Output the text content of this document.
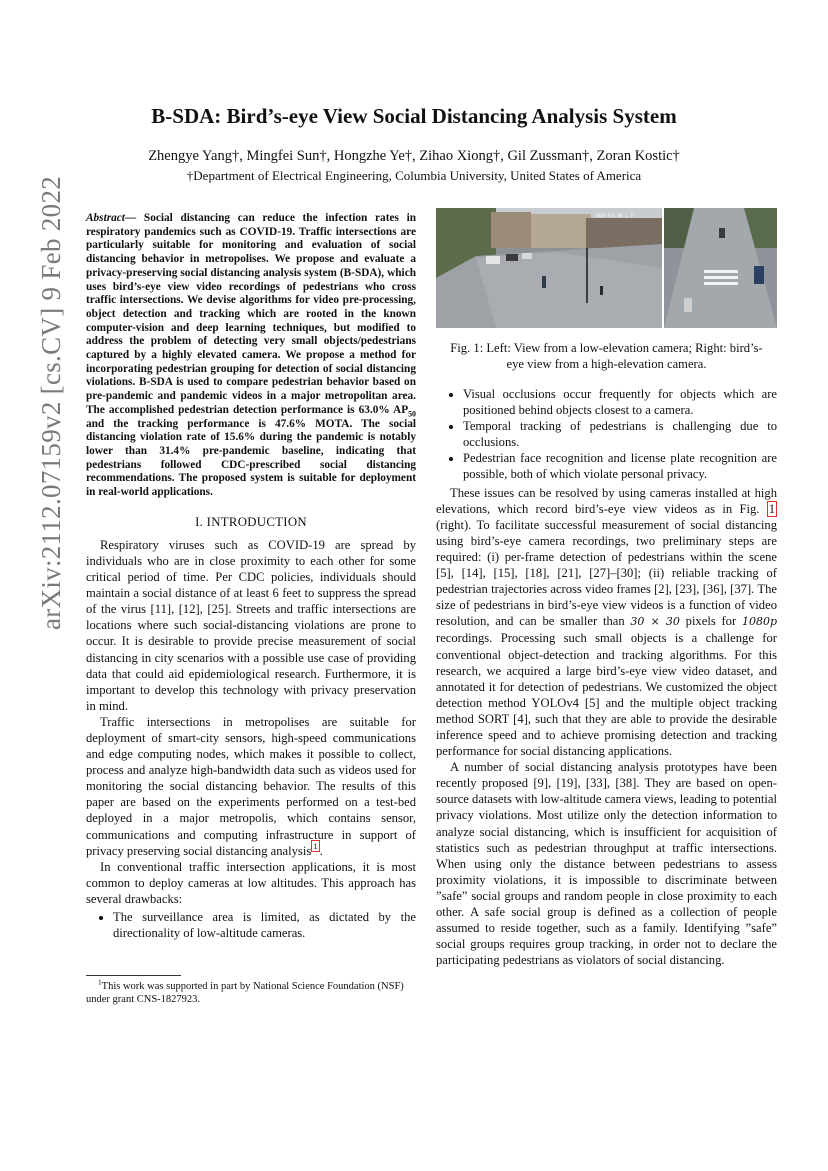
arXiv:2112.07159v2 [cs.CV] 9 Feb 2022
B-SDA: Bird’s-eye View Social Distancing Analysis System
Zhengye Yang†, Mingfei Sun†, Hongzhe Ye†, Zihao Xiong†, Gil Zussman†, Zoran Kostic†
†Department of Electrical Engineering, Columbia University, United States of America

Abstract— Social distancing can reduce the infection rates in respiratory pandemics such as COVID-19. Traffic intersections are particularly suitable for monitoring and evaluation of social distancing behavior in metropolises. We propose and evaluate a privacy-preserving social distancing analysis system (B-SDA), which uses bird’s-eye view video recordings of pedestrians who cross traffic intersections. We devise algorithms for video pre-processing, object detection and tracking which are rooted in the known computer-vision and deep learning techniques, but modified to address the problem of detecting very small objects/pedestrians captured by a highly elevated camera. We propose a method for incorporating pedestrian grouping for detection of social distancing violations. B-SDA is used to compare pedestrian behavior based on pre-pandemic and pandemic videos in a major metropolitan area. The accomplished pedestrian detection performance is 63.0% $AP_{50}$ and the tracking performance is 47.6% MOTA. The social distancing violation rate of 15.6% during the pandemic is notably lower than 31.4% pre-pandemic baseline, indicating that pedestrians followed CDC-prescribed social distancing recommendations. The proposed system is suitable for deployment in real-world applications.

I. INTRODUCTION

Respiratory viruses such as COVID-19 are spread by individuals who are in close proximity to each other for some critical period of time. Per CDC policies, individuals should maintain a social distance of at least 6 feet to suppress the spread of the virus [11], [12], [25]. Streets and traffic intersections are locations where such social-distancing violations are prone to occur. It is desirable to provide precise measurement of social distancing in city scenarios with a possible use case of providing data that could aid epidemiological research. Furthermore, it is important to develop this technology with privacy preservation in mind.

Traffic intersections in metropolises are suitable for deployment of smart-city sensors, high-speed communications and edge computing nodes, which makes it possible to collect, process and analyze high-bandwidth data such as videos used for monitoring the social distancing behavior. The results of this paper are based on the experiments performed on a test-bed deployed in a major metropolis, which contains sensor, communications and computing infrastructure in support of privacy preserving social distancing analysis $^1$ .

In conventional traffic intersection applications, it is most common to deploy cameras at low altitudes. This approach has several drawbacks:

• The surveillance area is limited, as dictated by the directionality of low-altitude cameras.

$^1$This work was supported in part by National Science Foundation (NSF) under grant CNS-1827923.

2020 Oct 08 | 17
Fig. 1: Left: View from a low-elevation camera; Right: bird’s-eye view from a high-elevation camera.
• Visual occlusions occur frequently for objects which are positioned behind objects closest to a camera.
• Temporal tracking of pedestrians is challenging due to occlusions.
• Pedestrian face recognition and license plate recognition are possible, both of which violate personal privacy.

These issues can be resolved by using cameras installed at high elevations, which record bird’s-eye view videos as in Fig. 1 (right). To facilitate successful measurement of social distancing using bird’s-eye camera recordings, two preliminary steps are required: (i) per-frame detection of pedestrians within the scene [5], [14], [15], [18], [21], [27]–[30]; (ii) reliable tracking of pedestrian trajectories across video frames [2], [23], [36], [37]. The size of pedestrians in bird’s-eye view videos is a function of video resolution, and can be smaller than 30 × 30 pixels for 1080p recordings. Processing such small objects is a challenge for conventional object-detection and tracking algorithms. For this research, we acquired a large bird’s-eye view video dataset, and annotated it for detection of pedestrians. We customized the object detection method YOLOv4 [5] and the multiple object tracking method SORT [4], such that they are able to provide the desirable inference speed and to achieve promising detection and tracking performance for social distancing applications.

A number of social distancing analysis prototypes have been recently proposed [9], [19], [33], [38]. They are based on open-source datasets with low-altitude camera views, leading to potential privacy violations. Most utilize only the detection information to analyze social distancing, which is insufficient for acquisition of statistics such as pedestrian throughput at traffic intersections. When using only the distance between pedestrians to assess proximity violations, it is impossible to discriminate between ”safe” social groups and random people in close proximity to each other. A safe social group is defined as a collection of people assumed to reside together, such as a family. Identifying ”safe” social groups requires group tracking, in order not to declare the participating pedestrians as violators of social distancing.
